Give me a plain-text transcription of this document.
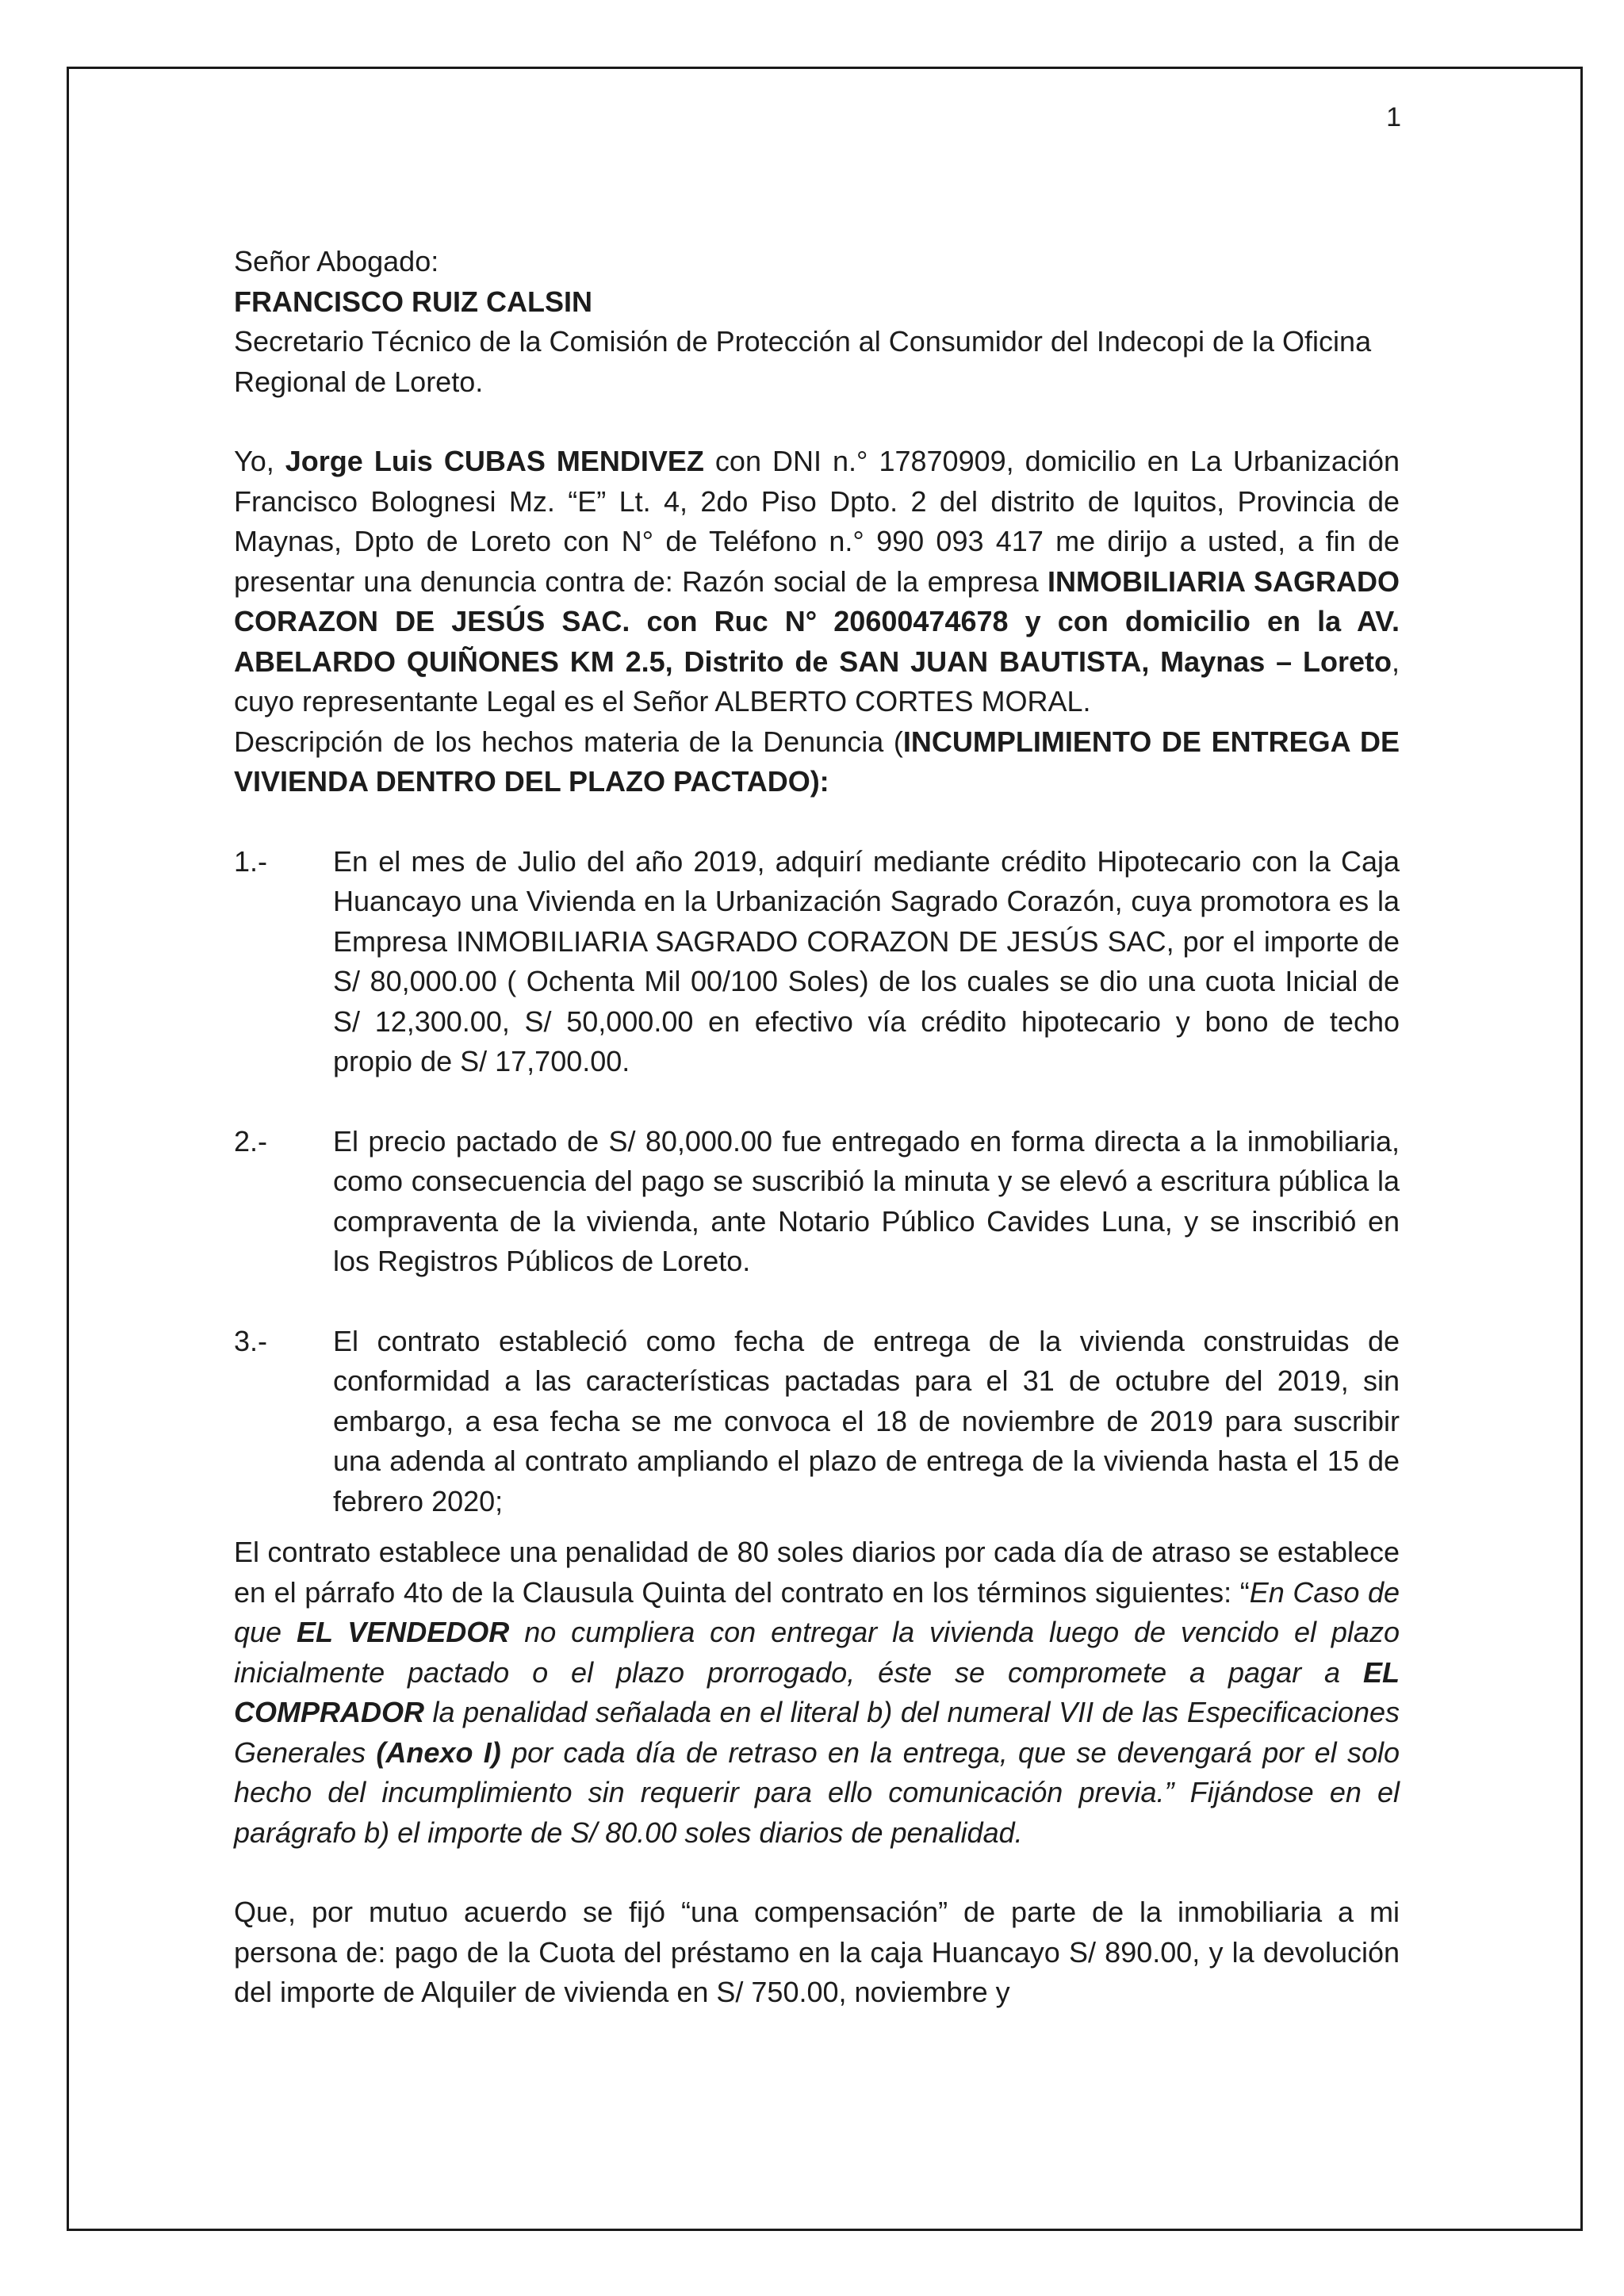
1

Señor Abogado:

FRANCISCO RUIZ CALSIN

Secretario Técnico de la Comisión de Protección al Consumidor del Indecopi de la Oficina
Regional de Loreto.

Yo, Jorge Luis CUBAS MENDIVEZ con DNI n.° 17870909, domicilio en La Urbanización Francisco Bolognesi Mz. “E” Lt. 4, 2do Piso Dpto. 2 del distrito de Iquitos, Provincia de Maynas, Dpto de Loreto con N° de Teléfono n.° 990 093 417 me dirijo a usted, a fin de presentar una denuncia contra de: Razón social de la empresa INMOBILIARIA SAGRADO CORAZON DE JESÚS SAC. con Ruc N° 20600474678 y con domicilio en la AV. ABELARDO QUIÑONES KM 2.5, Distrito de SAN JUAN BAUTISTA, Maynas – Loreto, cuyo representante Legal es el Señor ALBERTO CORTES MORAL.

Descripción de los hechos materia de la Denuncia (INCUMPLIMIENTO DE ENTREGA DE VIVIENDA DENTRO DEL PLAZO PACTADO):

1.-	En el mes de Julio del año 2019, adquirí mediante crédito Hipotecario con la Caja Huancayo una Vivienda en la Urbanización Sagrado Corazón, cuya promotora es la Empresa INMOBILIARIA SAGRADO CORAZON DE JESÚS SAC, por el importe de S/ 80,000.00 ( Ochenta Mil 00/100 Soles) de los cuales se dio una cuota Inicial de S/ 12,300.00, S/ 50,000.00 en efectivo vía crédito hipotecario y bono de techo propio de S/ 17,700.00.
2.-	El precio pactado de S/ 80,000.00 fue entregado en forma directa a la inmobiliaria, como consecuencia del pago se suscribió la minuta y se elevó a escritura pública la compraventa de la vivienda, ante Notario Público Cavides Luna, y se inscribió en los Registros Públicos de Loreto.
3.-	El contrato estableció como fecha de entrega de la vivienda construidas de conformidad a las características pactadas para el 31 de octubre del 2019, sin embargo, a esa fecha se me convoca el 18 de noviembre de 2019 para suscribir una adenda al contrato ampliando el plazo de entrega de la vivienda hasta el 15 de febrero 2020;

El contrato establece una penalidad de 80 soles diarios por cada día de atraso se establece en el párrafo 4to de la Clausula Quinta del contrato en los términos siguientes: “En Caso de que EL VENDEDOR no cumpliera con entregar la vivienda luego de vencido el plazo inicialmente pactado o el plazo prorrogado, éste se compromete a pagar a EL COMPRADOR la penalidad señalada en el literal b) del numeral VII de las Especificaciones Generales (Anexo I) por cada día de retraso en la entrega, que se devengará por el solo hecho del incumplimiento sin requerir para ello comunicación previa.” Fijándose en el parágrafo b) el importe de S/ 80.00 soles diarios de penalidad.

Que, por mutuo acuerdo se fijó “una compensación” de parte de la inmobiliaria a mi persona de: pago de la Cuota del préstamo en la caja Huancayo S/ 890.00, y la devolución del importe de Alquiler de vivienda en S/ 750.00, noviembre y
